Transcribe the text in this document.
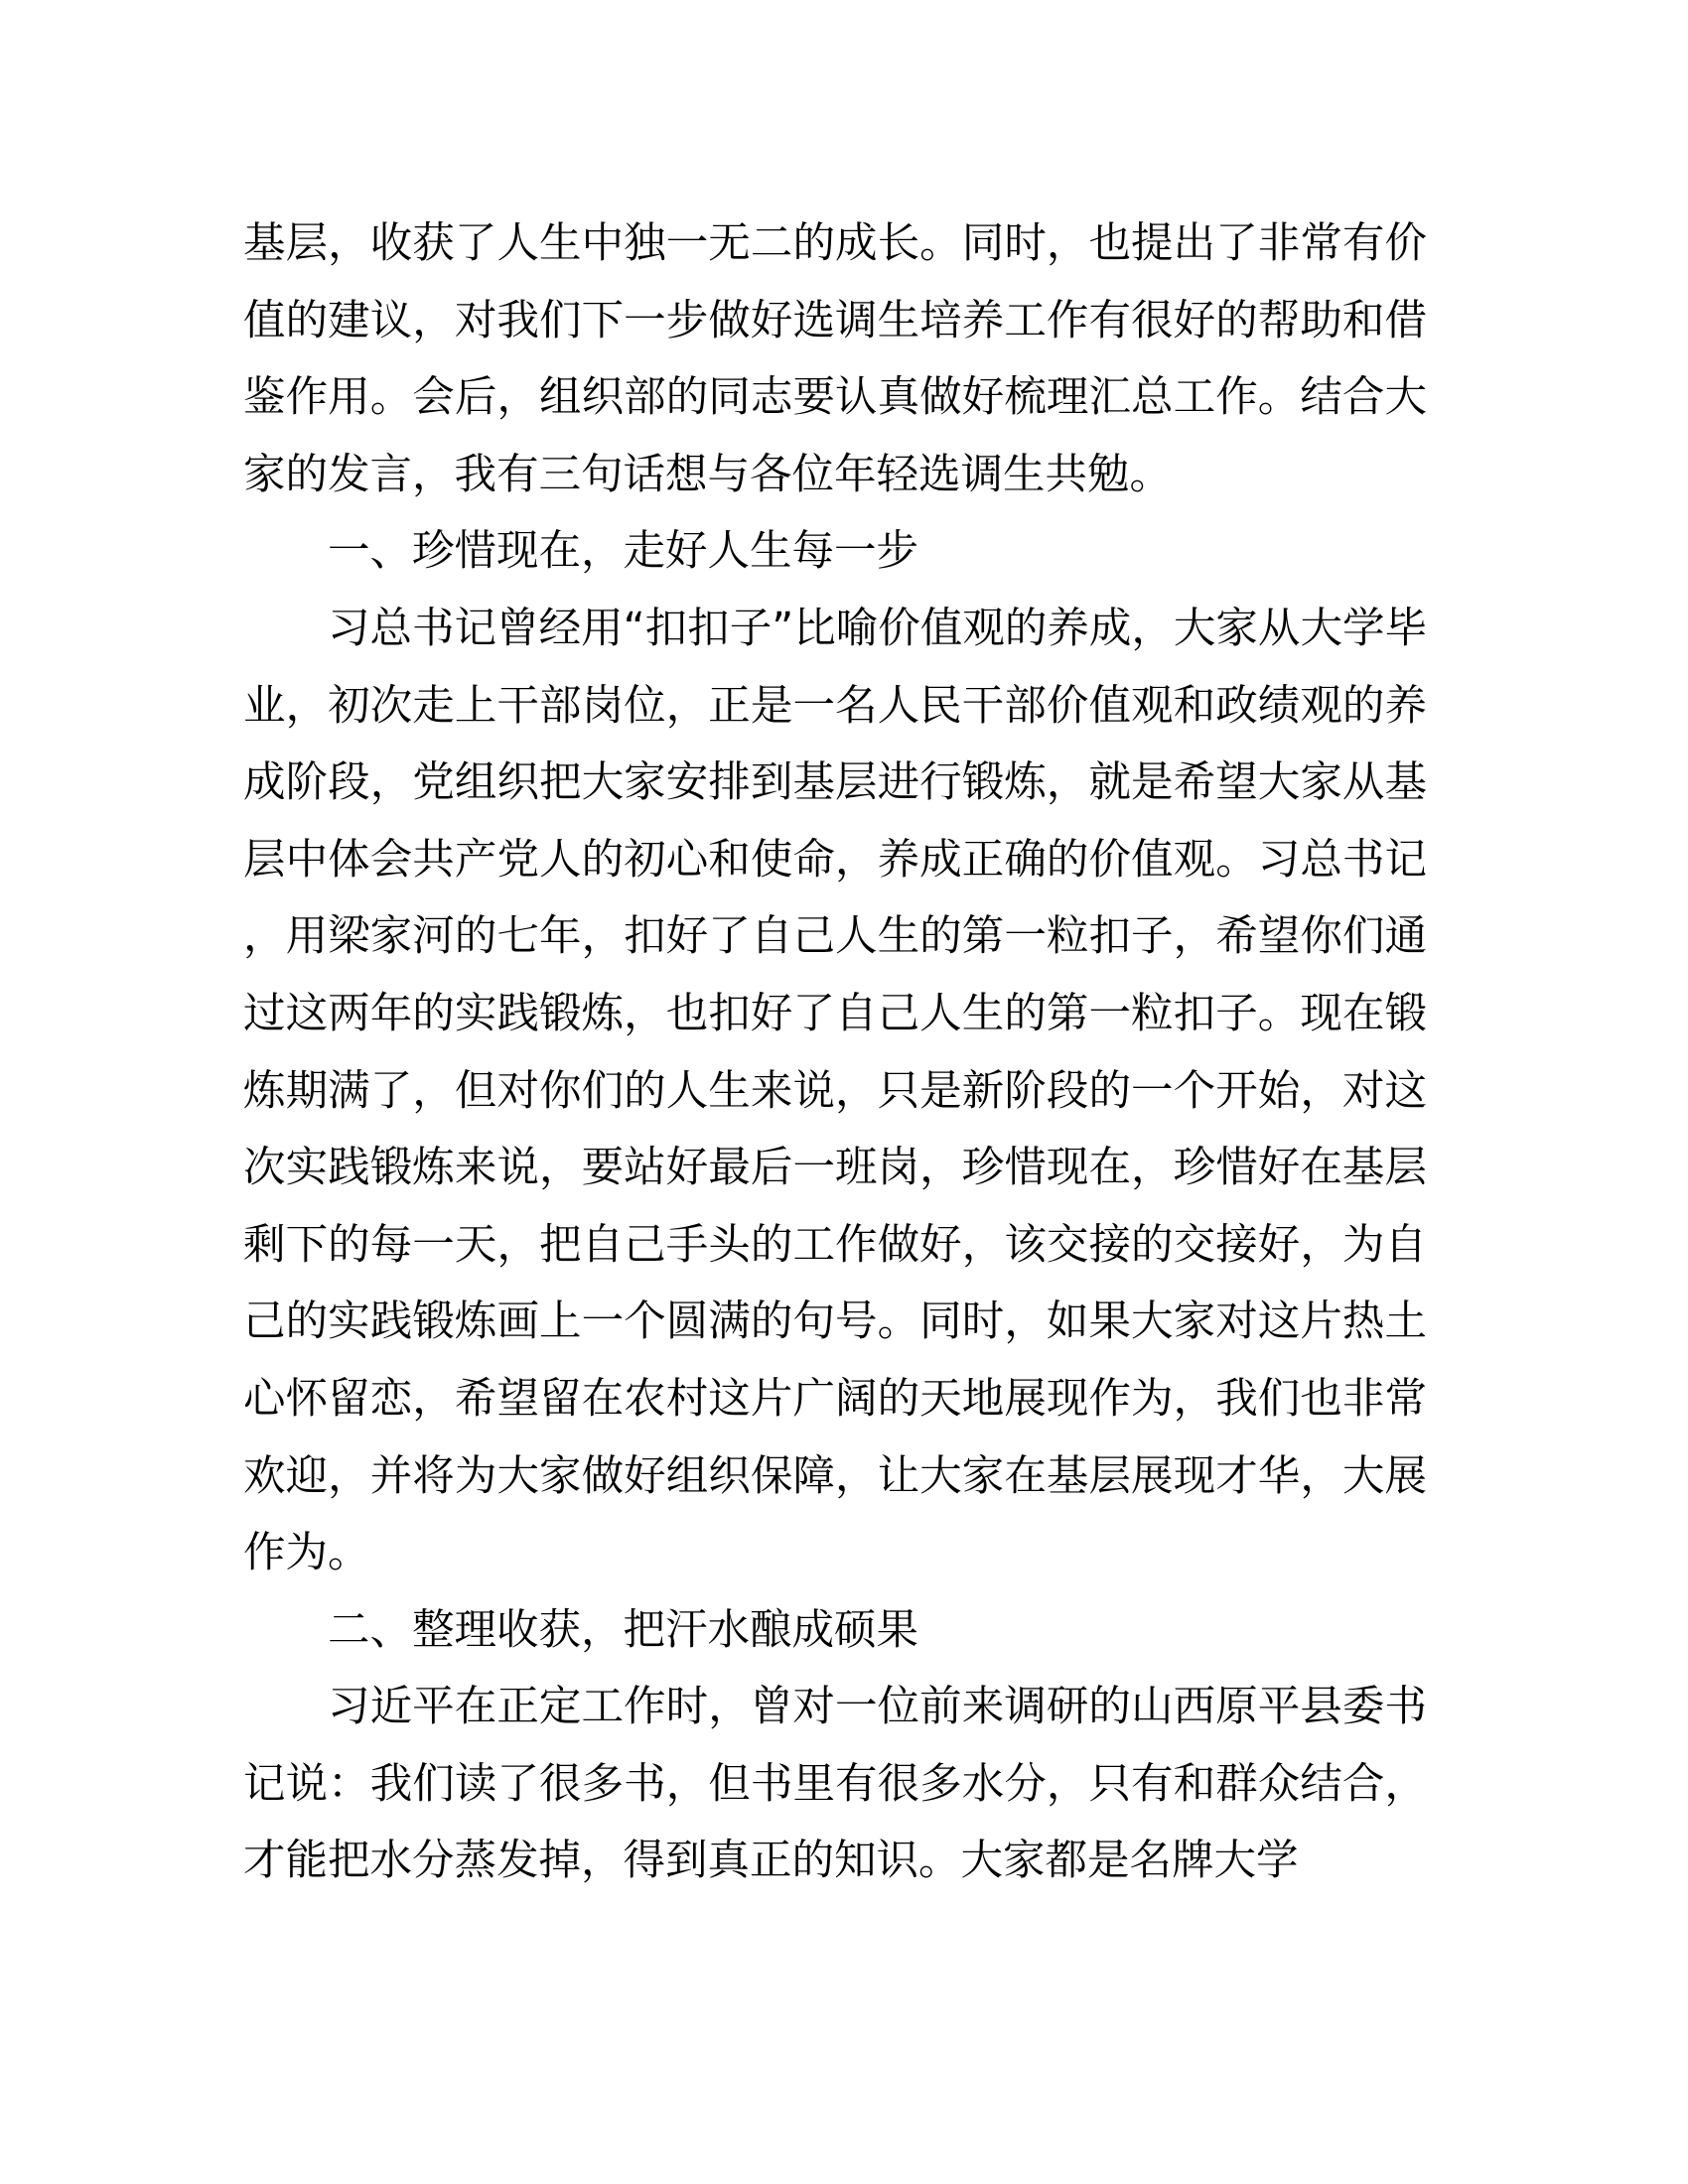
基层，收获了人生中独一无二的成长。同时，也提出了非常有价值的建议，对我们下一步做好选调生培养工作有很好的帮助和借鉴作用。会后，组织部的同志要认真做好梳理汇总工作。结合大家的发言，我有三句话想与各位年轻选调生共勉。

一、珍惜现在，走好人生每一步

习总书记曾经用“扣扣子”比喻价值观的养成，大家从大学毕业，初次走上干部岗位，正是一名人民干部价值观和政绩观的养成阶段，党组织把大家安排到基层进行锻炼，就是希望大家从基层中体会共产党人的初心和使命，养成正确的价值观。习总书记，用梁家河的七年，扣好了自己人生的第一粒扣子，希望你们通过这两年的实践锻炼，也扣好了自己人生的第一粒扣子。现在锻炼期满了，但对你们的人生来说，只是新阶段的一个开始，对这次实践锻炼来说，要站好最后一班岗，珍惜现在，珍惜好在基层剩下的每一天，把自己手头的工作做好，该交接的交接好，为自己的实践锻炼画上一个圆满的句号。同时，如果大家对这片热土心怀留恋，希望留在农村这片广阔的天地展现作为，我们也非常欢迎，并将为大家做好组织保障，让大家在基层展现才华，大展作为。

二、整理收获，把汗水酿成硕果

习近平在正定工作时，曾对一位前来调研的山西原平县委书记说：我们读了很多书，但书里有很多水分，只有和群众结合，才能把水分蒸发掉，得到真正的知识。大家都是名牌大学
